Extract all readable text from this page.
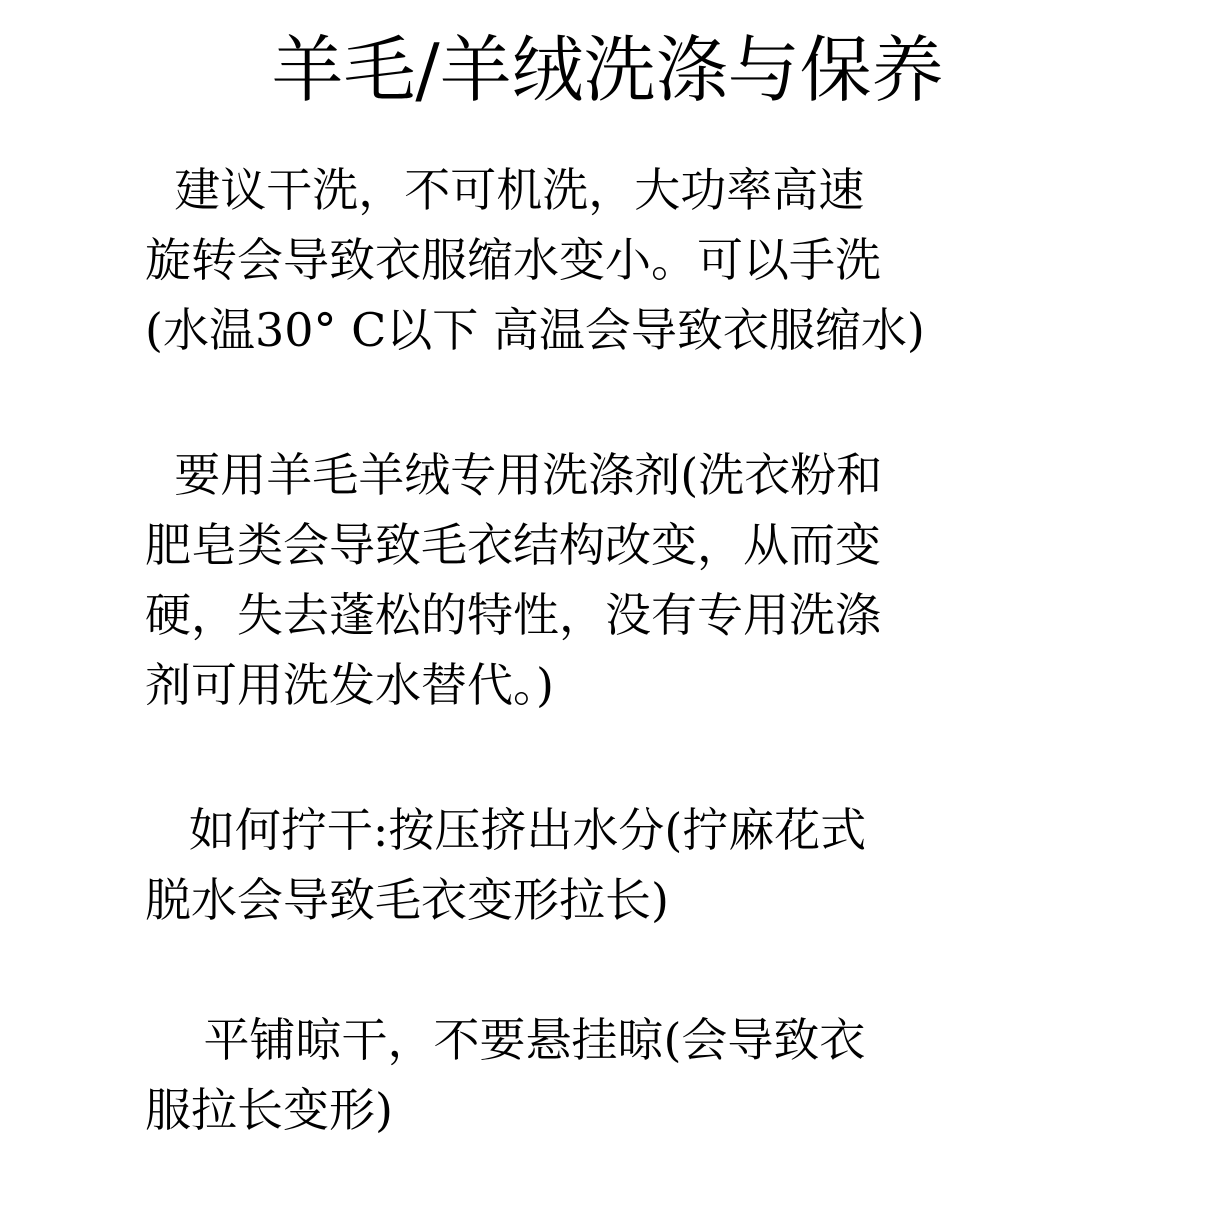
羊毛/羊绒洗涤与保养
建议干洗，不可机洗，大功率高速
旋转会导致衣服缩水变小。可以手洗
(水温30° C以下 高温会导致衣服缩水)
要用羊毛羊绒专用洗涤剂(洗衣粉和
肥皂类会导致毛衣结构改变，从而变
硬，失去蓬松的特性，没有专用洗涤
剂可用洗发水替代。)
如何拧干:按压挤出水分(拧麻花式
脱水会导致毛衣变形拉长)
平铺晾干，不要悬挂晾(会导致衣
服拉长变形)
